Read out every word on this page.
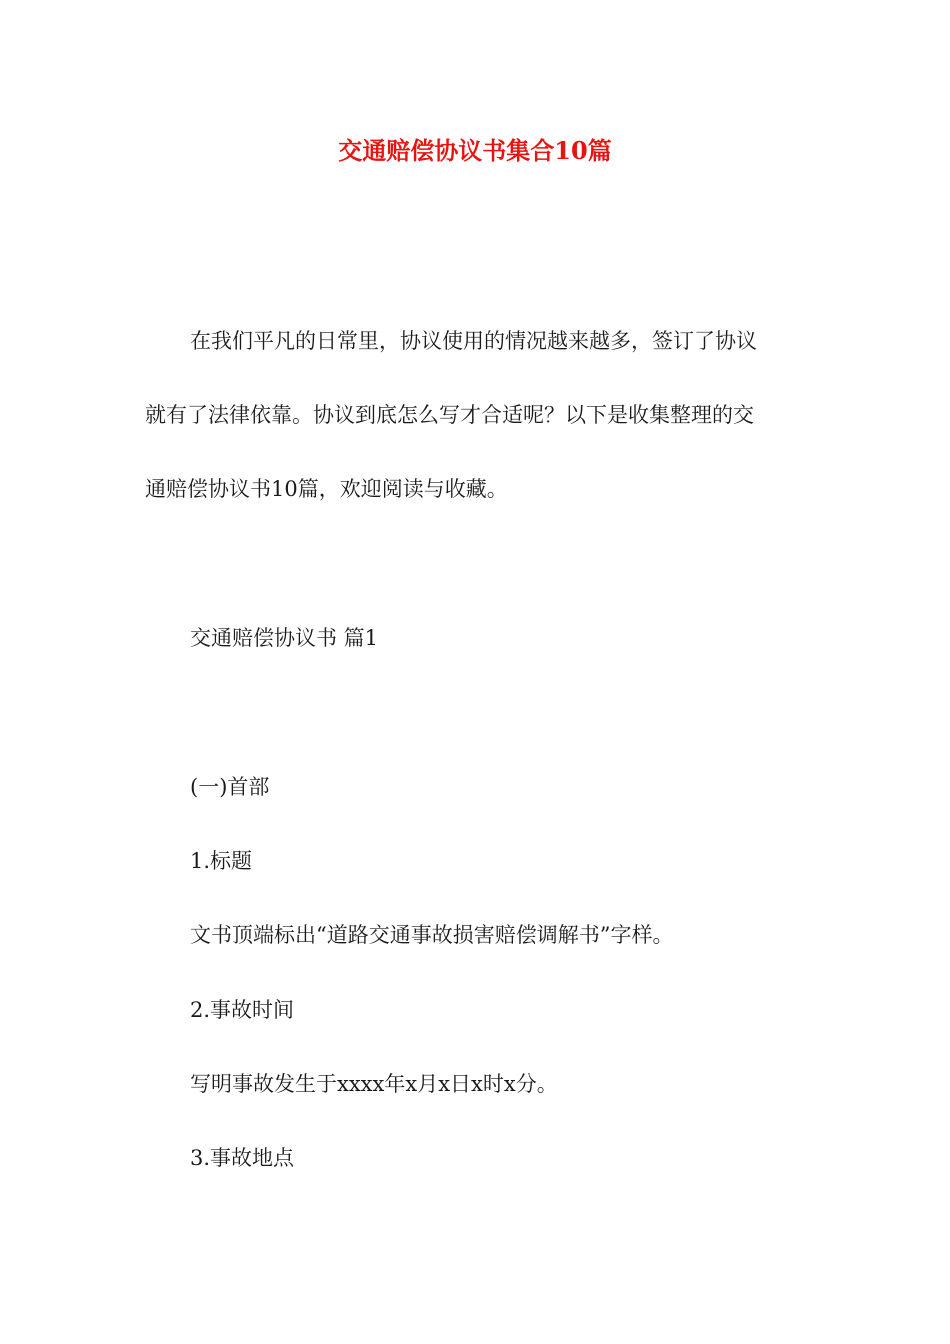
交通赔偿协议书集合10篇
在我们平凡的日常里，协议使用的情况越来越多，签订了协议
就有了法律依靠。协议到底怎么写才合适呢？以下是收集整理的交
通赔偿协议书10篇，欢迎阅读与收藏。
交通赔偿协议书 篇1
(一)首部
1.标题
文书顶端标出“道路交通事故损害赔偿调解书”字样。
2.事故时间
写明事故发生于xxxx年x月x日x时x分。
3.事故地点
